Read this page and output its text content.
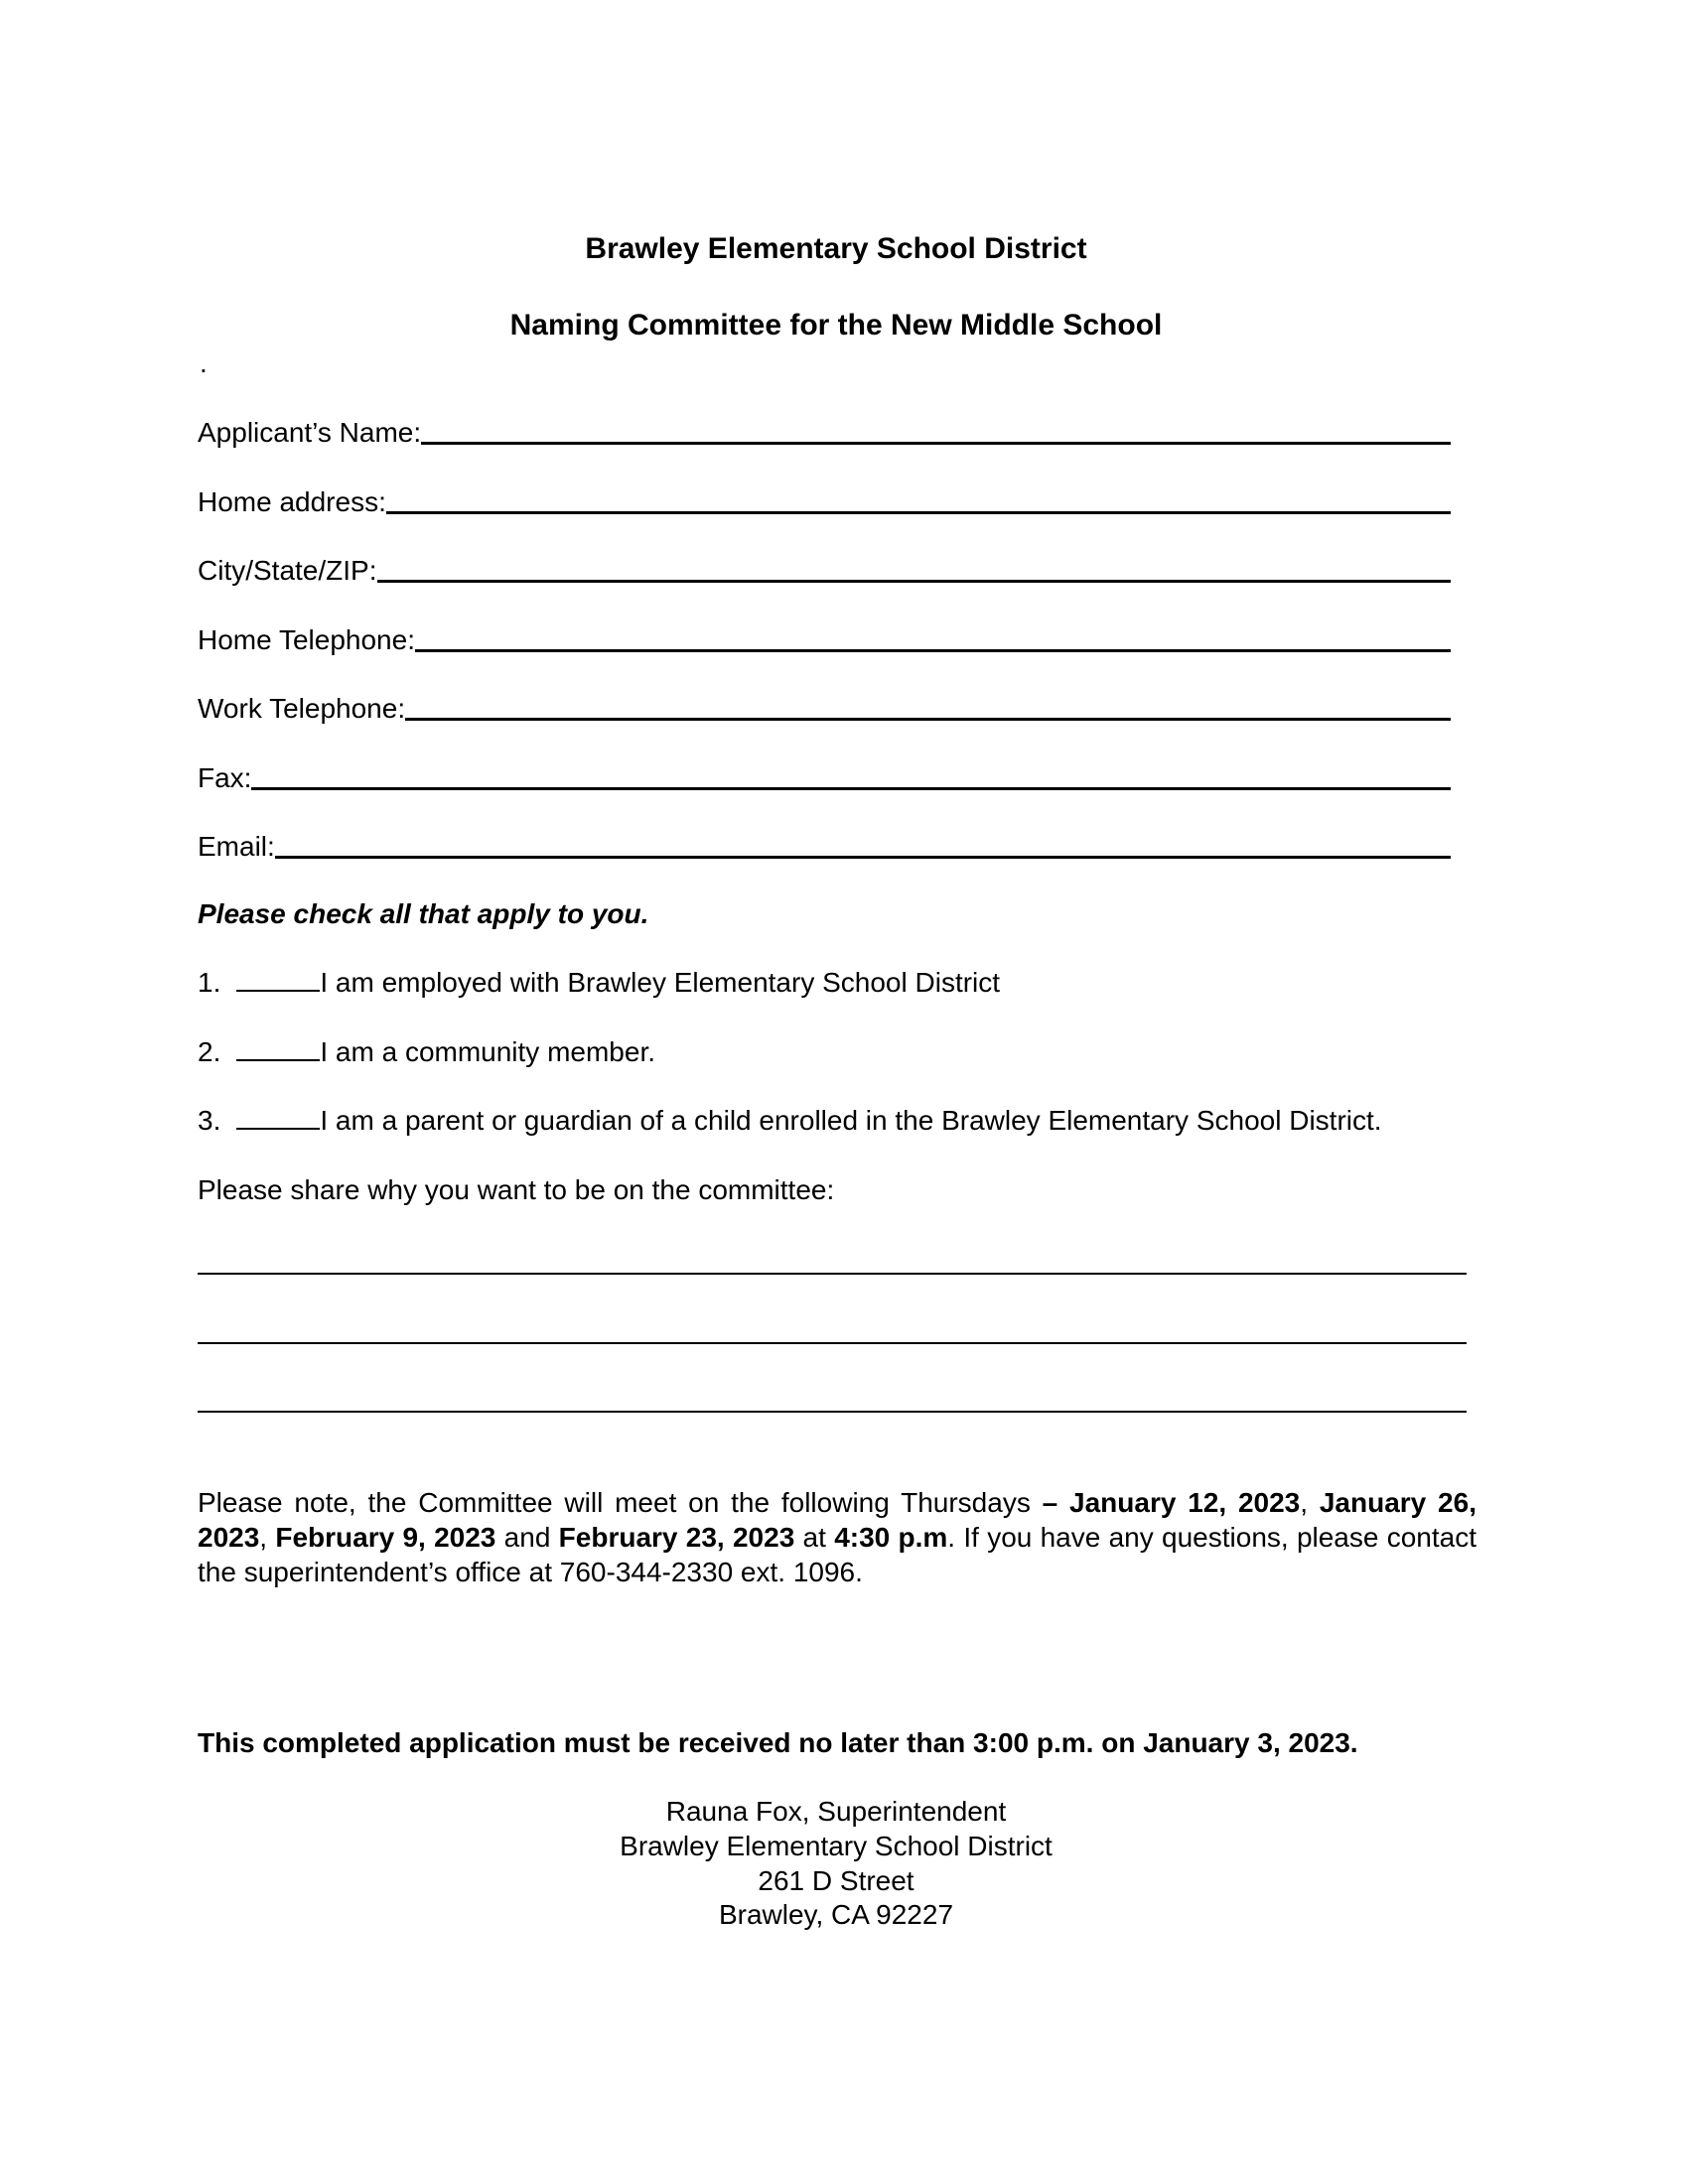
Brawley Elementary School District
Naming Committee for the New Middle School
.
Applicant’s Name:
Home address:
City/State/ZIP:
Home Telephone:
Work Telephone:
Fax:
Email:
Please check all that apply to you.
1.	I am employed with Brawley Elementary School District
2.	I am a community member.
3.	I am a parent or guardian of a child enrolled in the Brawley Elementary School District.
Please share why you want to be on the committee:
Please note, the Committee will meet on the following Thursdays – January 12, 2023, January 26, 2023, February 9, 2023 and February 23, 2023 at 4:30 p.m. If you have any questions, please contact the superintendent’s office at 760-344-2330 ext. 1096.
This completed application must be received no later than 3:00 p.m. on January 3, 2023.
Rauna Fox, Superintendent
Brawley Elementary School District
261 D Street
Brawley, CA 92227
